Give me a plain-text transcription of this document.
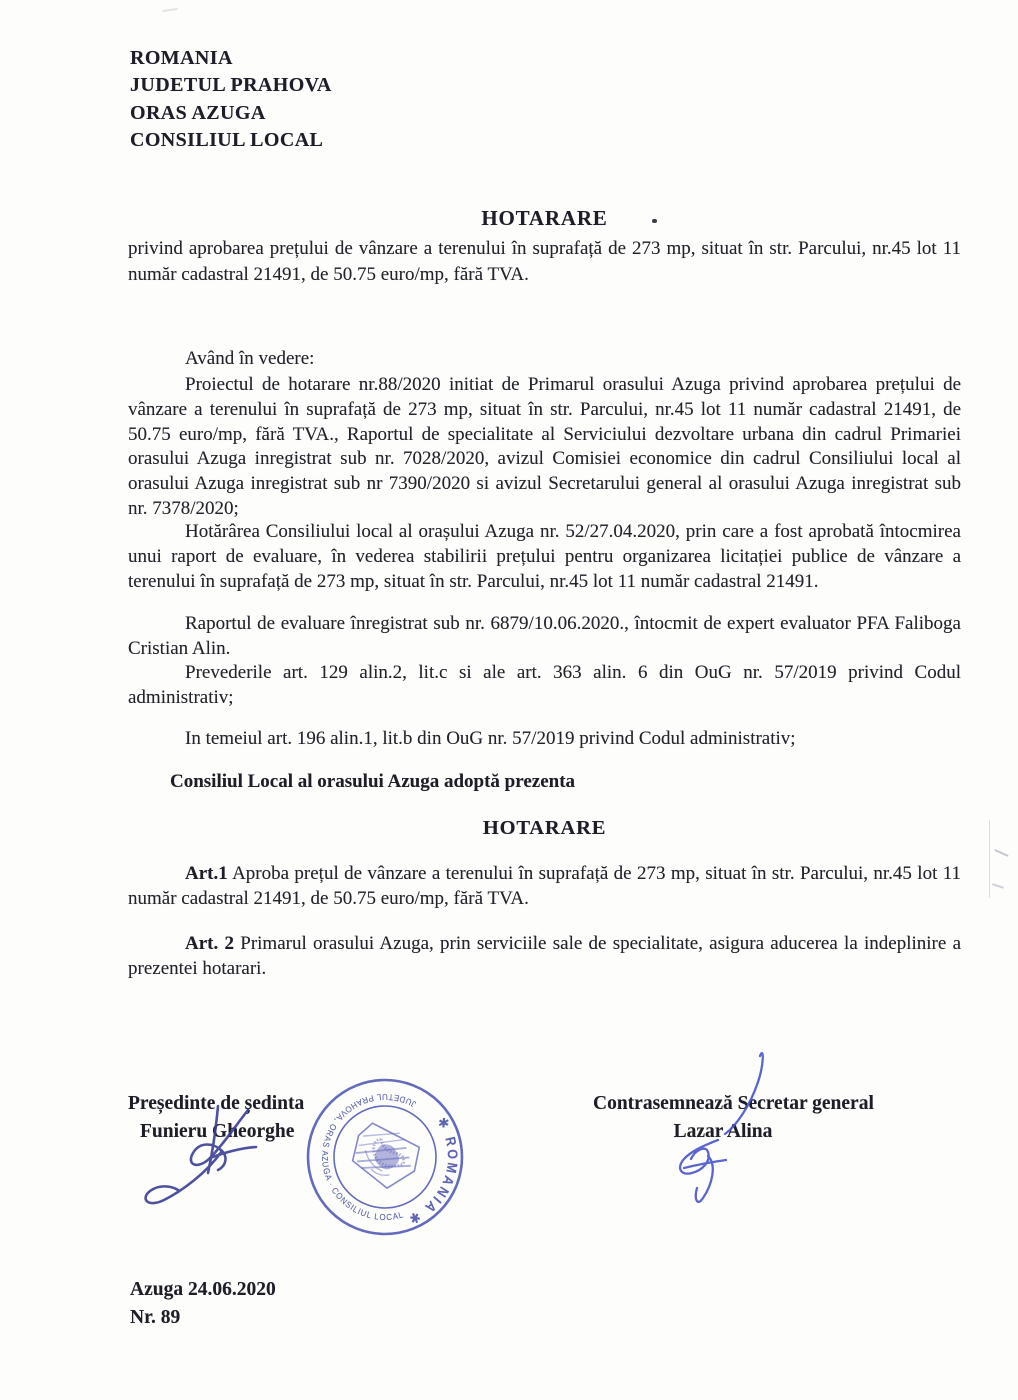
ROMANIA
JUDETUL PRAHOVA
ORAS AZUGA
CONSILIUL LOCAL
HOTARARE
privind aprobarea prețului de vânzare a terenului în suprafață de 273 mp, situat în str. Parcului, nr.45 lot 11 număr cadastral 21491, de 50.75 euro/mp, fără TVA.

Având în vedere:

Proiectul de hotarare nr.88/2020 initiat de Primarul orasului Azuga privind aprobarea prețului de vânzare a terenului în suprafață de 273 mp, situat în str. Parcului, nr.45 lot 11 număr cadastral 21491, de 50.75 euro/mp, fără TVA., Raportul de specialitate al Serviciului dezvoltare urbana din cadrul Primariei orasului Azuga inregistrat sub nr. 7028/2020, avizul Comisiei economice din cadrul Consiliului local al orasului Azuga inregistrat sub nr 7390/2020 si avizul Secretarului general al orasului Azuga inregistrat sub nr. 7378/2020;

Hotărârea Consiliului local al orașului Azuga nr. 52/27.04.2020, prin care a fost aprobată întocmirea unui raport de evaluare, în vederea stabilirii prețului pentru organizarea licitației publice de vânzare a terenului în suprafață de 273 mp, situat în str. Parcului, nr.45 lot 11 număr cadastral 21491.

Raportul de evaluare înregistrat sub nr. 6879/10.06.2020., întocmit de expert evaluator PFA Faliboga Cristian Alin.

Prevederile art. 129 alin.2, lit.c si ale art. 363 alin. 6 din OuG nr. 57/2019 privind Codul administrativ;

In temeiul art. 196 alin.1, lit.b din OuG nr. 57/2019 privind Codul administrativ;

Consiliul Local al orasului Azuga adoptă prezenta

HOTARARE

Art.1 Aproba prețul de vânzare a terenului în suprafață de 273 mp, situat în str. Parcului, nr.45 lot 11 număr cadastral 21491, de 50.75 euro/mp, fără TVA.

Art. 2 Primarul orasului Azuga, prin serviciile sale de specialitate, asigura aducerea la indeplinire a prezentei hotarari.

Președinte de ședinta
Funieru Gheorghe
Contrasemnează Secretar general
Lazar Alina
JUDETUL PRAHOVA, ORAS AZUGA · CONSILIUL LOCAL
✱ ROMANIA ✱
Azuga 24.06.2020
Nr. 89
